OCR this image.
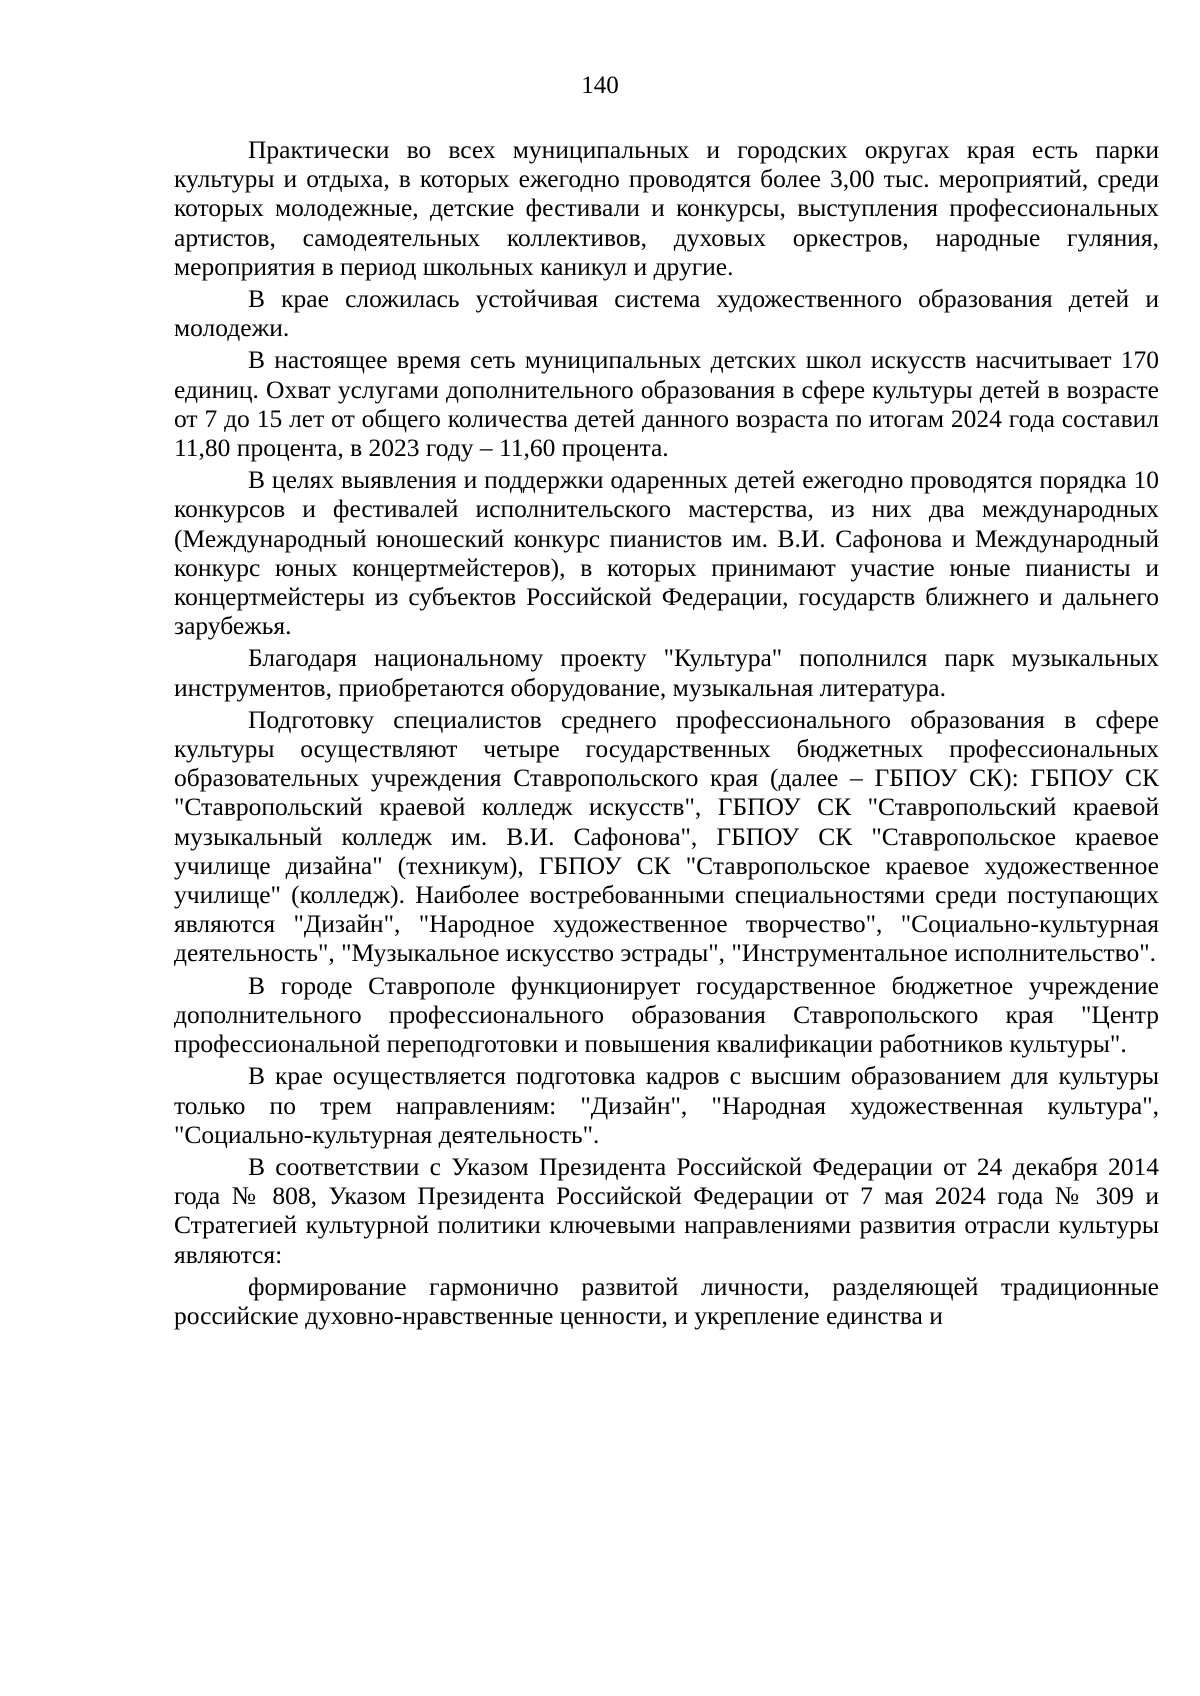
140

Практически во всех муниципальных и городских округах края есть парки культуры и отдыха, в которых ежегодно проводятся более 3,00 тыс. мероприятий, среди которых молодежные, детские фестивали и конкурсы, выступления профессиональных артистов, самодеятельных коллективов, духовых оркестров, народные гуляния, мероприятия в период школьных каникул и другие.

В крае сложилась устойчивая система художественного образования детей и молодежи.

В настоящее время сеть муниципальных детских школ искусств насчитывает 170 единиц. Охват услугами дополнительного образования в сфере культуры детей в возрасте от 7 до 15 лет от общего количества детей данного возраста по итогам 2024 года составил 11,80 процента, в 2023 году – 11,60 процента.

В целях выявления и поддержки одаренных детей ежегодно проводятся порядка 10 конкурсов и фестивалей исполнительского мастерства, из них два международных (Международный юношеский конкурс пианистов им. В.И. Сафонова и Международный конкурс юных концертмейстеров), в которых принимают участие юные пианисты и концертмейстеры из субъектов Российской Федерации, государств ближнего и дальнего зарубежья.

Благодаря национальному проекту "Культура" пополнился парк музыкальных инструментов, приобретаются оборудование, музыкальная литература.

Подготовку специалистов среднего профессионального образования в сфере культуры осуществляют четыре государственных бюджетных профессиональных образовательных учреждения Ставропольского края (далее – ГБПОУ СК): ГБПОУ СК "Ставропольский краевой колледж искусств", ГБПОУ СК "Ставропольский краевой музыкальный колледж им. В.И. Сафонова", ГБПОУ СК "Ставропольское краевое училище дизайна" (техникум), ГБПОУ СК "Ставропольское краевое художественное училище" (колледж). Наиболее востребованными специальностями среди поступающих являются "Дизайн", "Народное художественное творчество", "Социально-культурная деятельность", "Музыкальное искусство эстрады", "Инструментальное исполнительство".

В городе Ставрополе функционирует государственное бюджетное учреждение дополнительного профессионального образования Ставропольского края "Центр профессиональной переподготовки и повышения квалификации работников культуры".

В крае осуществляется подготовка кадров с высшим образованием для культуры только по трем направлениям: "Дизайн", "Народная художественная культура", "Социально-культурная деятельность".

В соответствии с Указом Президента Российской Федерации от 24 декабря 2014 года № 808, Указом Президента Российской Федерации от 7 мая 2024 года № 309 и Стратегией культурной политики ключевыми направлениями развития отрасли культуры являются:

формирование гармонично развитой личности, разделяющей традиционные российские духовно-нравственные ценности, и укрепление единства и
